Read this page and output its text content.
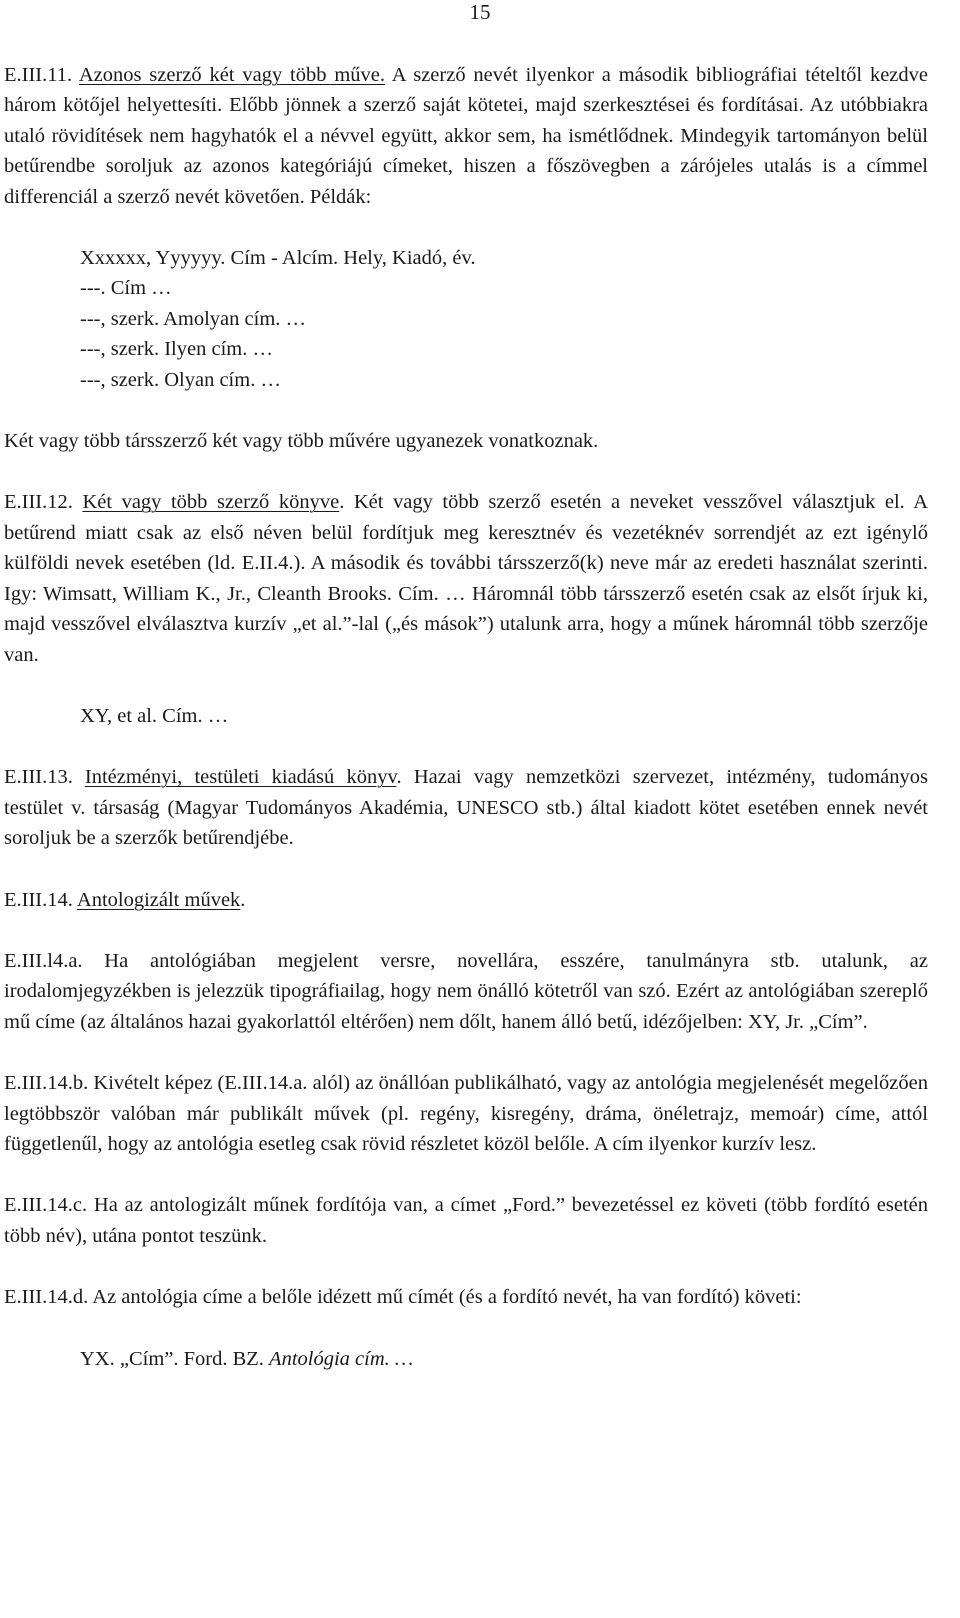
15

E.III.11. Azonos szerző két vagy több műve. A szerző nevét ilyenkor a második bibliográfiai tételtől kezdve három kötőjel helyettesíti. Előbb jönnek a szerző saját kötetei, majd szerkesztései és fordításai. Az utóbbiakra utaló rövidítések nem hagyhatók el a névvel együtt, akkor sem, ha ismétlődnek. Mindegyik tartományon belül betűrendbe soroljuk az azonos kategóriájú címeket, hiszen a főszövegben a zárójeles utalás is a címmel differenciál a szerző nevét követően. Példák:

Xxxxxx, Yyyyyy. Cím - Alcím. Hely, Kiadó, év.
---. Cím …
---, szerk. Amolyan cím. …
---, szerk. Ilyen cím. …
---, szerk. Olyan cím. …

Két vagy több társszerző két vagy több művére ugyanezek vonatkoznak.

E.III.12. Két vagy több szerző könyve. Két vagy több szerző esetén a neveket vesszővel választjuk el. A betűrend miatt csak az első néven belül fordítjuk meg keresztnév és vezetéknév sorrendjét az ezt igénylő külföldi nevek esetében (ld. E.II.4.). A második és további társszerző(k) neve már az eredeti használat szerinti. Igy: Wimsatt, William K., Jr., Cleanth Brooks. Cím. … Háromnál több társszerző esetén csak az elsőt írjuk ki, majd vesszővel elválasztva kurzív „et al.”-lal („és mások”) utalunk arra, hogy a műnek háromnál több szerzője van.

XY, et al. Cím. …

E.III.13. Intézményi, testületi kiadású könyv. Hazai vagy nemzetközi szervezet, intézmény, tudományos testület v. társaság (Magyar Tudományos Akadémia, UNESCO stb.) által kiadott kötet esetében ennek nevét soroljuk be a szerzők betűrendjébe.

E.III.14. Antologizált művek.

E.III.l4.a. Ha antológiában megjelent versre, novellára, esszére, tanulmányra stb. utalunk, az irodalomjegyzékben is jelezzük tipográfiailag, hogy nem önálló kötetről van szó. Ezért az antológiában szereplő mű címe (az általános hazai gyakorlattól eltérően) nem dőlt, hanem álló betű, idézőjelben: XY, Jr. „Cím”.

E.III.14.b. Kivételt képez (E.III.14.a. alól) az önállóan publikálható, vagy az antológia megjelenését megelőzően legtöbbször valóban már publikált művek (pl. regény, kisregény, dráma, önéletrajz, memoár) címe, attól függetlenűl, hogy az antológia esetleg csak rövid részletet közöl belőle. A cím ilyenkor kurzív lesz.

E.III.14.c. Ha az antologizált műnek fordítója van, a címet „Ford.” bevezetéssel ez követi (több fordító esetén több név), utána pontot teszünk.

E.III.14.d. Az antológia címe a belőle idézett mű címét (és a fordító nevét, ha van fordító) követi:

YX. „Cím”. Ford. BZ. Antológia cím. …
